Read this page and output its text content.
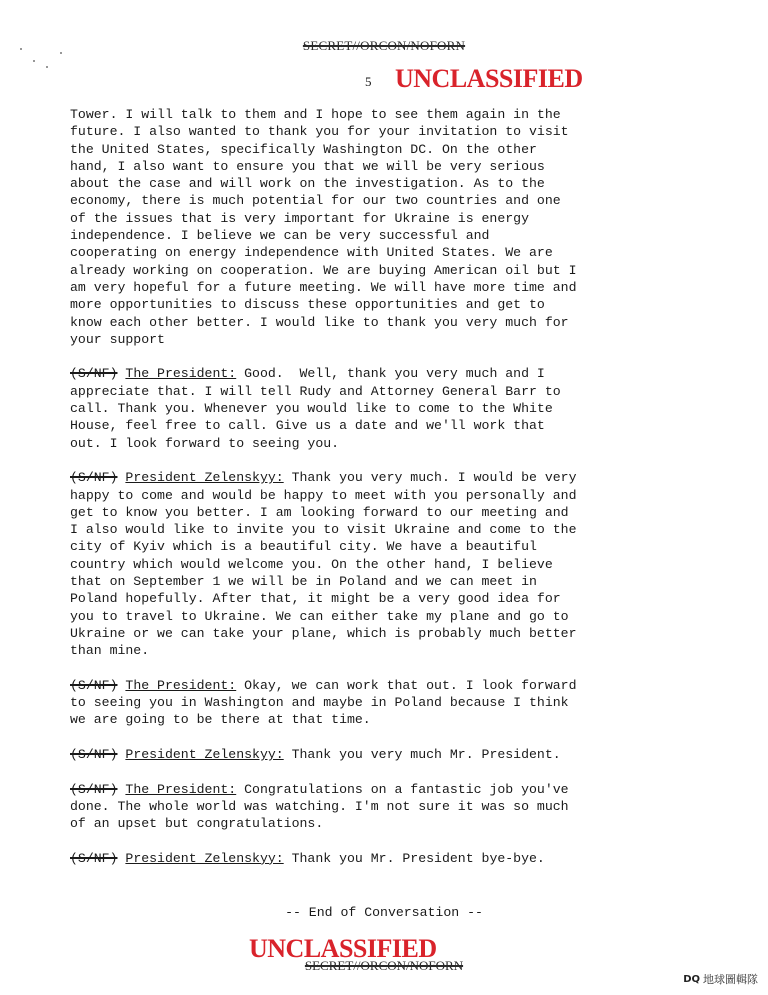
SECRET//ORCON/NOFORN
5 UNCLASSIFIED
Tower. I will talk to them and I hope to see them again in the
future. I also wanted to thank you for your invitation to visit
the United States, specifically Washington DC. On the other
hand, I also want to ensure you that we will be very serious
about the case and will work on the investigation. As to the
economy, there is much potential for our two countries and one
of the issues that is very important for Ukraine is energy
independence. I believe we can be very successful and
cooperating on energy independence with United States. We are
already working on cooperation. We are buying American oil but I
am very hopeful for a future meeting. We will have more time and
more opportunities to discuss these opportunities and get to
know each other better. I would like to thank you very much for
your support
(S/NF) The President: Good.  Well, thank you very much and I
appreciate that. I will tell Rudy and Attorney General Barr to
call. Thank you. Whenever you would like to come to the White
House, feel free to call. Give us a date and we'll work that
out. I look forward to seeing you.
(S/NF) President Zelenskyy: Thank you very much. I would be very
happy to come and would be happy to meet with you personally and
get to know you better. I am looking forward to our meeting and
I also would like to invite you to visit Ukraine and come to the
city of Kyiv which is a beautiful city. We have a beautiful
country which would welcome you. On the other hand, I believe
that on September 1 we will be in Poland and we can meet in
Poland hopefully. After that, it might be a very good idea for
you to travel to Ukraine. We can either take my plane and go to
Ukraine or we can take your plane, which is probably much better
than mine.
(S/NF) The President: Okay, we can work that out. I look forward
to seeing you in Washington and maybe in Poland because I think
we are going to be there at that time.
(S/NF) President Zelenskyy: Thank you very much Mr. President.
(S/NF) The President: Congratulations on a fantastic job you've
done. The whole world was watching. I'm not sure it was so much
of an upset but congratulations.
(S/NF) President Zelenskyy: Thank you Mr. President bye-bye.
-- End of Conversation --
UNCLASSIFIED
SECRET//ORCON/NOFORN
DQ 地球圖輯隊
